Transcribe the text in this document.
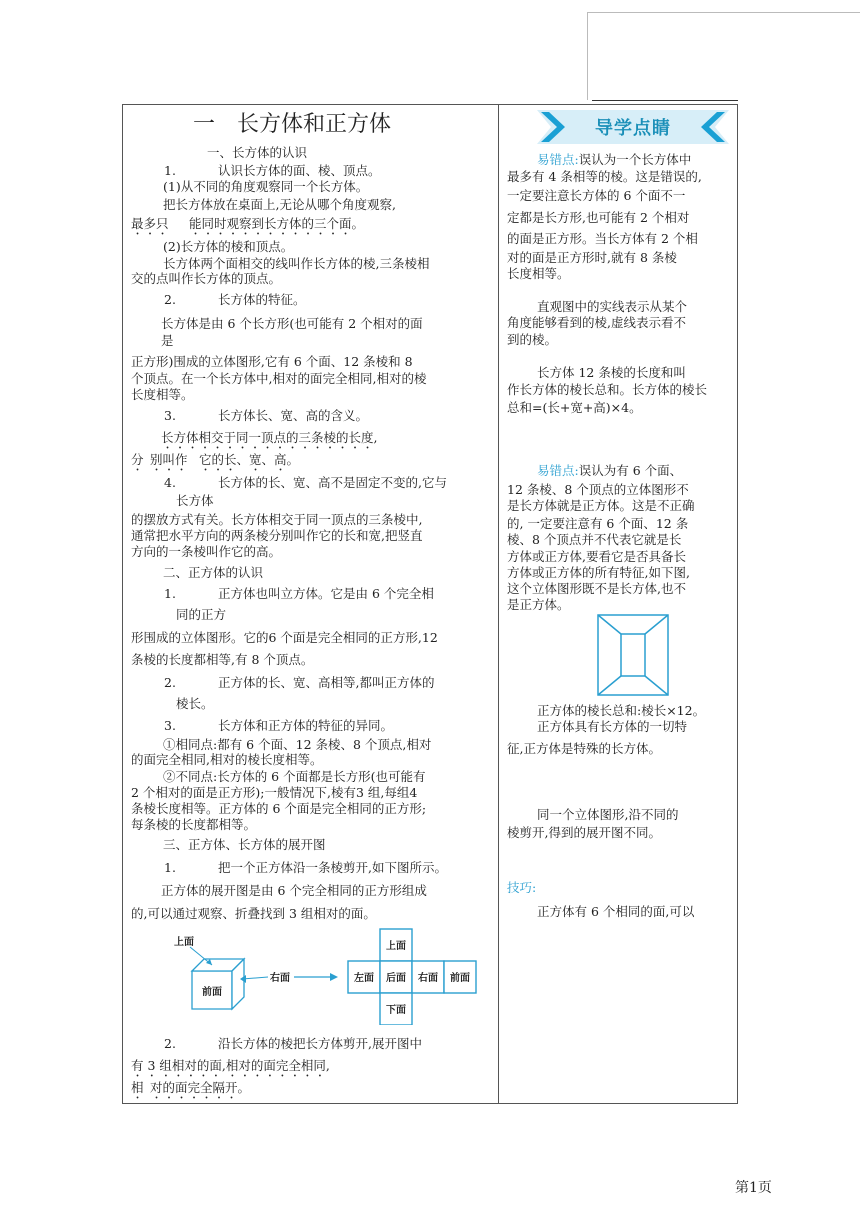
一　长方体和正方体	导学点睛
一、长方体的认识
1.	认识长方体的面、棱、顶点。
(1)从不同的角度观察同一个长方体。
把长方体放在桌面上,无论从哪个角度观察,
最多只 能同时观察到长方体的三个面。
(2)长方体的棱和顶点。
长方体两个面相交的线叫作长方体的棱,三条棱相
交的点叫作长方体的顶点。
2.	长方体的特征。
长方体是由 6 个长方形(也可能有 2 个相对的面
是
正方形)围成的立体图形,它有 6 个面、12 条棱和 8
个顶点。在一个长方体中,相对的面完全相同,相对的棱
长度相等。
3.	长方体长、宽、高的含义。
长方体相交于同一顶点的三条棱的长度,
分 别叫作 它的长、宽、高。
4.	长方体的长、宽、高不是固定不变的,它与
长方体
的摆放方式有关。长方体相交于同一顶点的三条棱中,
通常把水平方向的两条棱分别叫作它的长和宽,把竖直
方向的一条棱叫作它的高。
二、正方体的认识
1.	正方体也叫立方体。它是由 6 个完全相
同的正方
形围成的立体图形。它的6 个面是完全相同的正方形,12
条棱的长度都相等,有 8 个顶点。
2.	正方体的长、宽、高相等,都叫正方体的
棱长。
3.	长方体和正方体的特征的异同。
①相同点:都有 6 个面、12 条棱、8 个顶点,相对
的面完全相同,相对的棱长度相等。
②不同点:长方体的 6 个面都是长方形(也可能有
2 个相对的面是正方形);一般情况下,棱有3 组,每组4
条棱长度相等。正方体的 6 个面是完全相同的正方形;
每条棱的长度都相等。
三、正方体、长方体的展开图
1.	把一个正方体沿一条棱剪开,如下图所示。
正方体的展开图是由 6 个完全相同的正方形组成
的,可以通过观察、折叠找到 3 组相对的面。
上面
前面
右面
上面
左面 后面 右面 前面
下面
2.	沿长方体的棱把长方体剪开,展开图中
有 3 组相对的面,相对的面完全相同,
相 对的面完全隔开。
易错点:误认为一个长方体中
最多有 4 条相等的棱。这是错误的,
一定要注意长方体的 6 个面不一
定都是长方形,也可能有 2 个相对
的面是正方形。当长方体有 2 个相
对的面是正方形时,就有 8 条棱
长度相等。
直观图中的实线表示从某个
角度能够看到的棱,虚线表示看不
到的棱。
长方体 12 条棱的长度和叫
作长方体的棱长总和。长方体的棱长
总和=(长+宽+高)×4。
易错点:误认为有 6 个面、
12 条棱、8 个顶点的立体图形不
是长方体就是正方体。这是不正确
的, 一定要注意有 6 个面、12 条
棱、8 个顶点并不代表它就是长
方体或正方体,要看它是否具备长
方体或正方体的所有特征,如下图,
这个立体图形既不是长方体,也不
是正方体。
正方体的棱长总和:棱长×12。
正方体具有长方体的一切特
征,正方体是特殊的长方体。
同一个立体图形,沿不同的
棱剪开,得到的展开图不同。
技巧:
正方体有 6 个相同的面,可以
第1页
